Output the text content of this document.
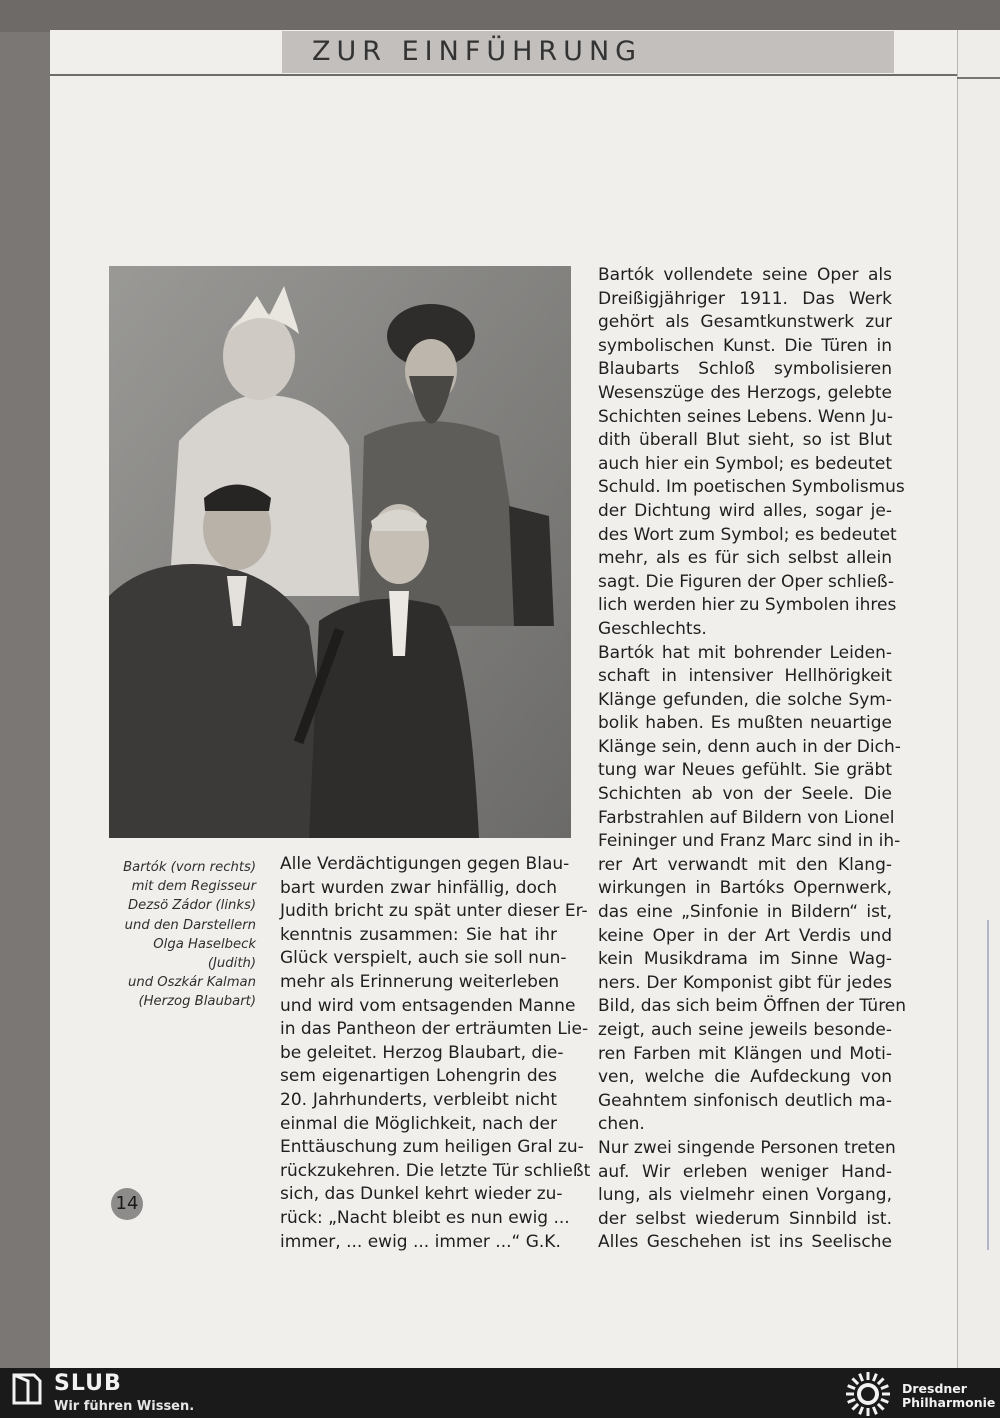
ZUR EINFÜHRUNG
Bartók (vorn rechts)
mit dem Regisseur
Dezsö Zádor (links)
und den Darstellern
Olga Haselbeck
(Judith)
und Oszkár Kalman
(Herzog Blaubart)
Alle Verdächtigungen gegen Blau-
bart wurden zwar hinfällig, doch
Judith bricht zu spät unter dieser Er-
kenntnis zusammen: Sie hat ihr
Glück verspielt, auch sie soll nun-
mehr als Erinnerung weiterleben
und wird vom entsagenden Manne
in das Pantheon der erträumten Lie-
be geleitet. Herzog Blaubart, die-
sem eigenartigen Lohengrin des
20. Jahrhunderts, verbleibt nicht
einmal die Möglichkeit, nach der
Enttäuschung zum heiligen Gral zu-
rückzukehren. Die letzte Tür schließt
sich, das Dunkel kehrt wieder zu-
rück: „Nacht bleibt es nun ewig ...
immer, ... ewig ... immer ...“ G.K.
Bartók vollendete seine Oper als
Dreißigjähriger 1911. Das Werk
gehört als Gesamtkunstwerk zur
symbolischen Kunst. Die Türen in
Blaubarts Schloß symbolisieren
Wesenszüge des Herzogs, gelebte
Schichten seines Lebens. Wenn Ju-
dith überall Blut sieht, so ist Blut
auch hier ein Symbol; es bedeutet
Schuld. Im poetischen Symbolismus
der Dichtung wird alles, sogar je-
des Wort zum Symbol; es bedeutet
mehr, als es für sich selbst allein
sagt. Die Figuren der Oper schließ-
lich werden hier zu Symbolen ihres
Geschlechts.
Bartók hat mit bohrender Leiden-
schaft in intensiver Hellhörigkeit
Klänge gefunden, die solche Sym-
bolik haben. Es mußten neuartige
Klänge sein, denn auch in der Dich-
tung war Neues gefühlt. Sie gräbt
Schichten ab von der Seele. Die
Farbstrahlen auf Bildern von Lionel
Feininger und Franz Marc sind in ih-
rer Art verwandt mit den Klang-
wirkungen in Bartóks Opernwerk,
das eine „Sinfonie in Bildern“ ist,
keine Oper in der Art Verdis und
kein Musikdrama im Sinne Wag-
ners. Der Komponist gibt für jedes
Bild, das sich beim Öffnen der Türen
zeigt, auch seine jeweils besonde-
ren Farben mit Klängen und Moti-
ven, welche die Aufdeckung von
Geahntem sinfonisch deutlich ma-
chen.
Nur zwei singende Personen treten
auf. Wir erleben weniger Hand-
lung, als vielmehr einen Vorgang,
der selbst wiederum Sinnbild ist.
Alles Geschehen ist ins Seelische
14
SLUB
Wir führen Wissen.
Dresdner
Philharmonie
